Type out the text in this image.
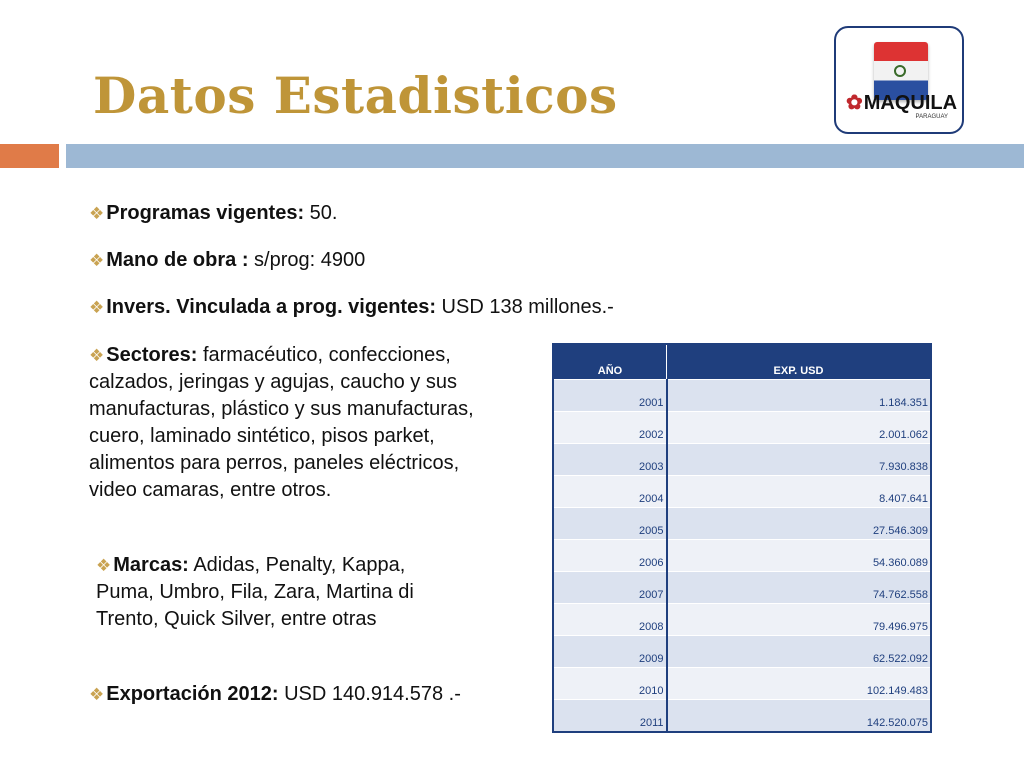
Datos Estadisticos	✿MAQUILA
PARAGUAY
❖ Programas vigentes: 50.
❖ Mano de obra : s/prog: 4900
❖ Invers. Vinculada a prog. vigentes: USD 138 millones.-
❖ Sectores: farmacéutico, confecciones, calzados, jeringas y agujas, caucho y sus manufacturas, plástico y sus manufacturas, cuero, laminado sintético, pisos parket, alimentos para perros, paneles eléctricos, video camaras, entre otros.
❖ Marcas: Adidas, Penalty, Kappa, Puma, Umbro, Fila, Zara, Martina di Trento, Quick Silver, entre otras
❖ Exportación 2012: USD 140.914.578 .-
AÑO	EXP. USD
2001	1.184.351
2002	2.001.062
2003	7.930.838
2004	8.407.641
2005	27.546.309
2006	54.360.089
2007	74.762.558
2008	79.496.975
2009	62.522.092
2010	102.149.483
2011	142.520.075
